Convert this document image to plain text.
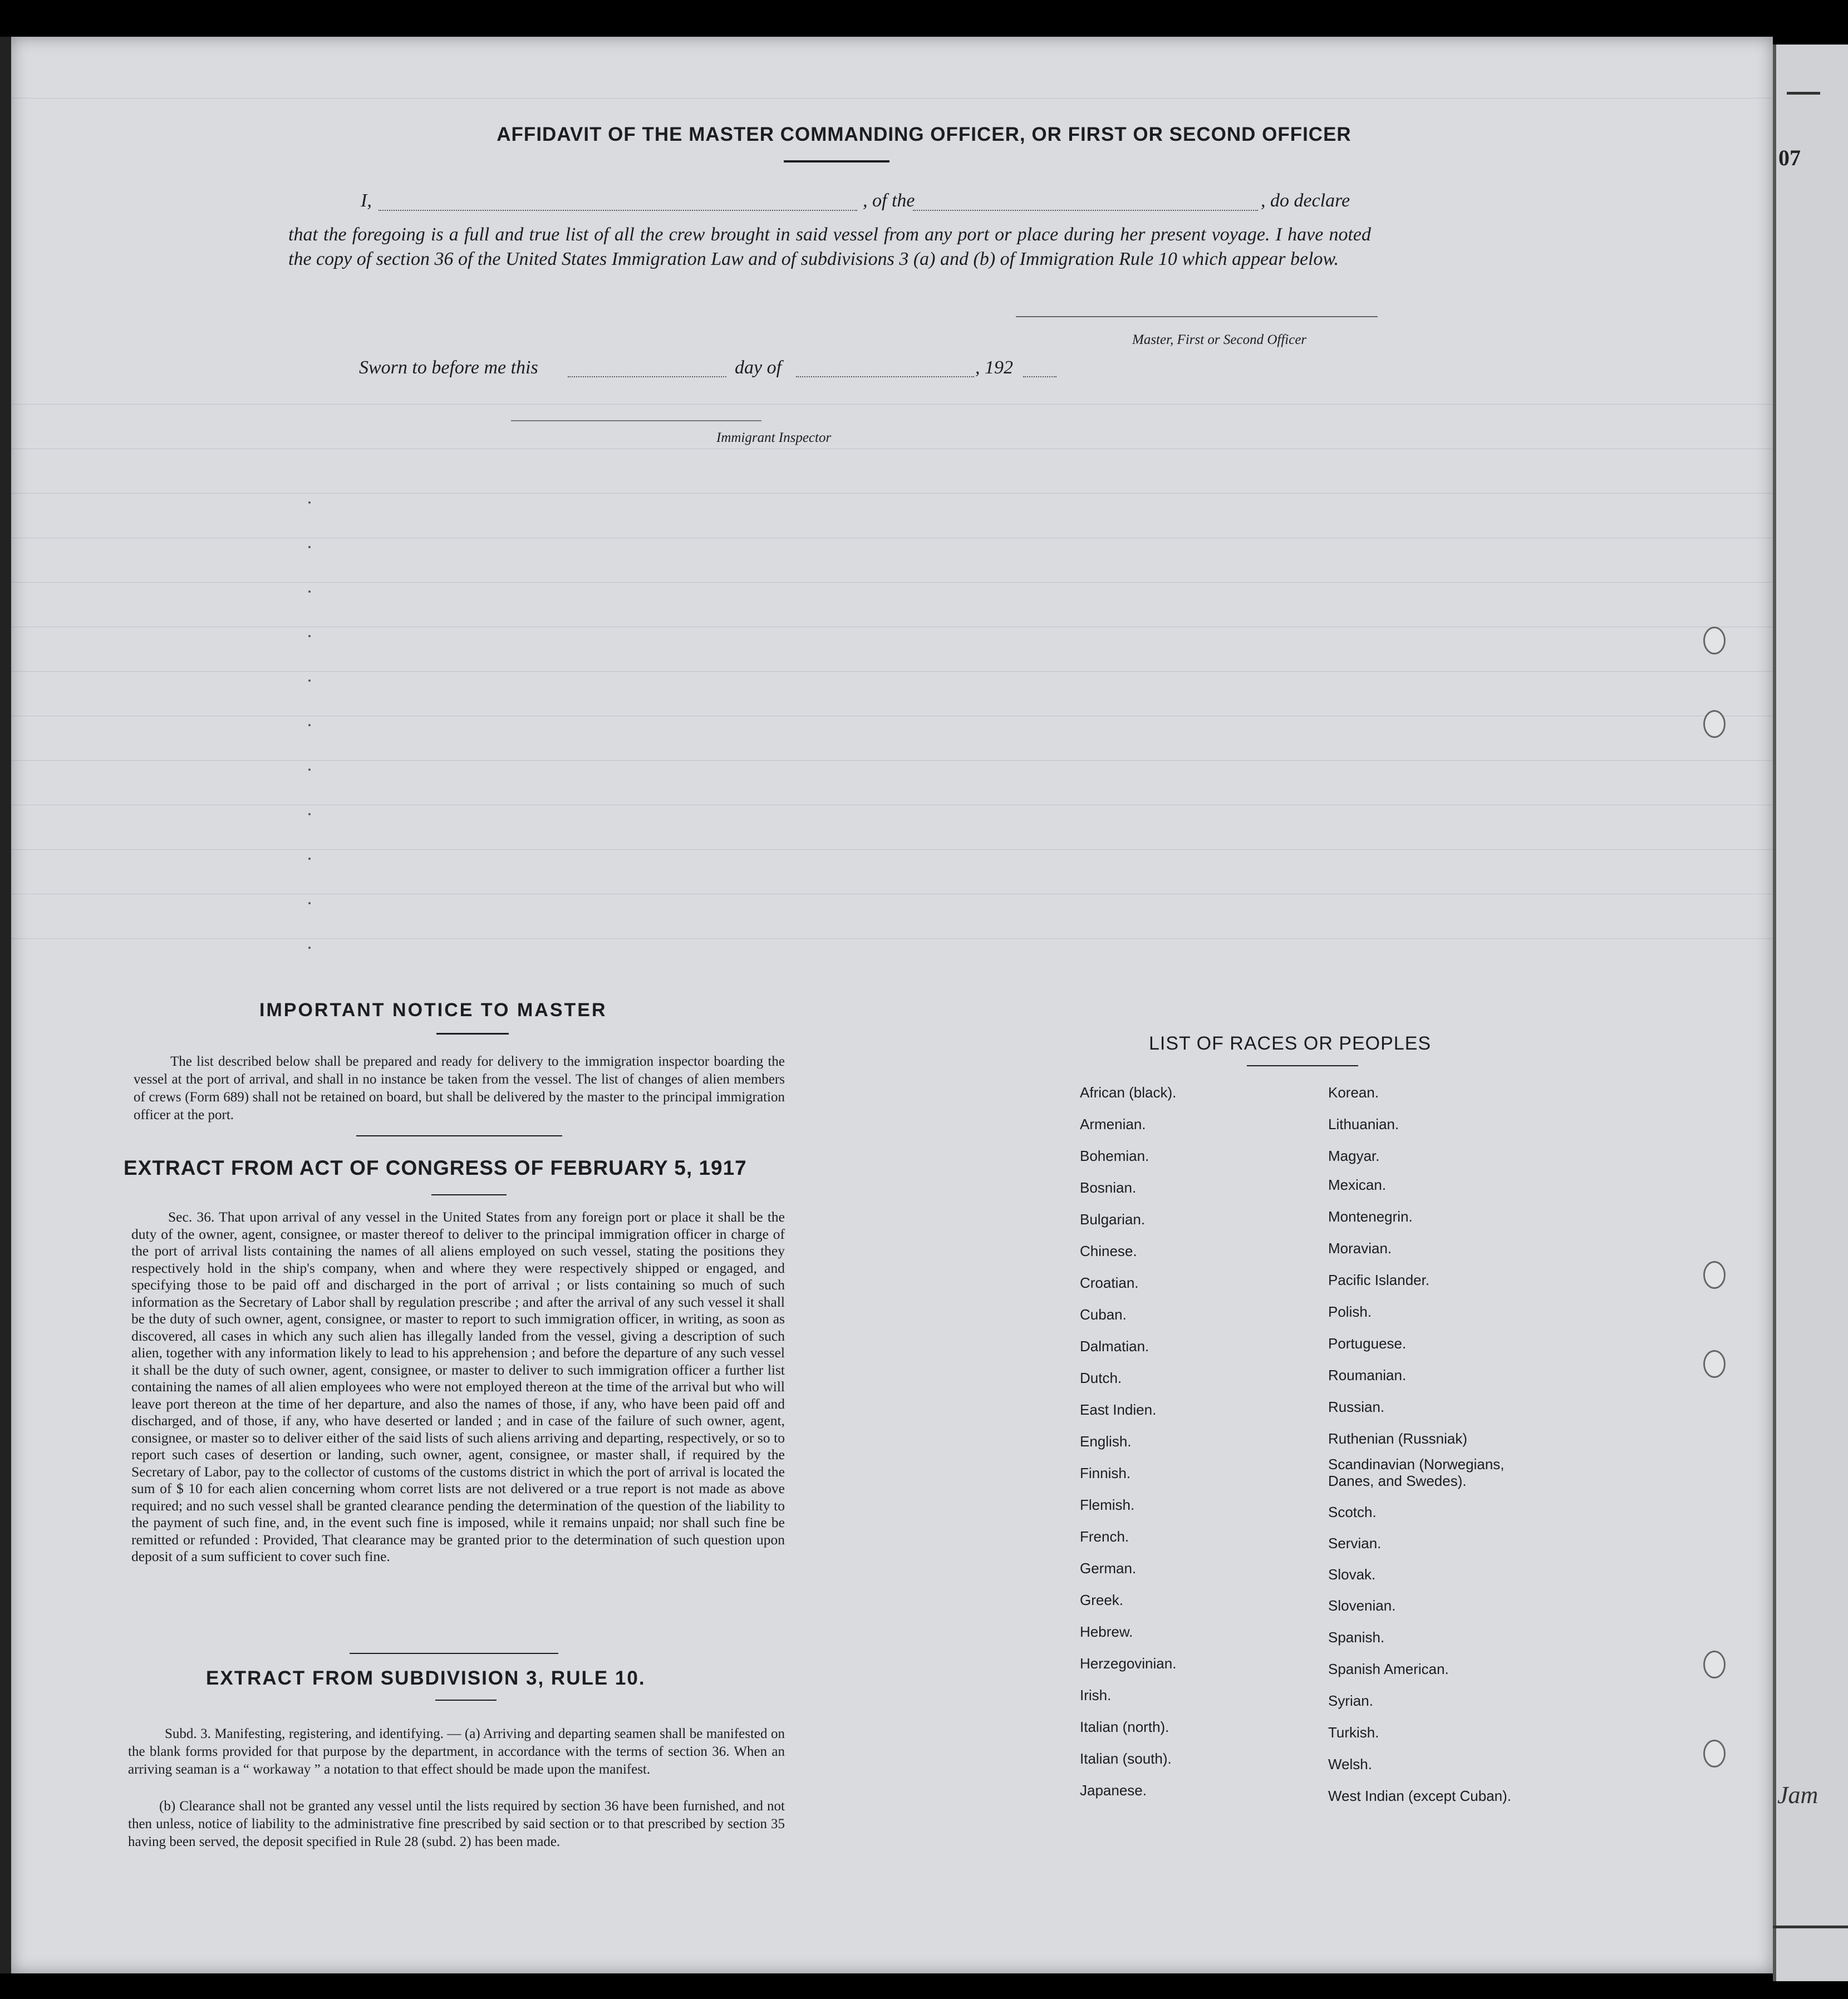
07
Jam
AFFIDAVIT OF THE MASTER COMMANDING OFFICER, OR FIRST OR SECOND OFFICER
I,	, of the	, do declare
that the foregoing is a full and true list of all the crew brought in said vessel from any port or place during her present voyage. I have noted the copy of section 36 of the United States Immigration Law and of subdivisions 3 (a) and (b) of Immigration Rule 10 which appear below.
Master, First or Second Officer
Sworn to before me this	day of	, 192
Immigrant Inspector
IMPORTANT NOTICE TO MASTER
The list described below shall be prepared and ready for delivery to the immigration inspector boarding the vessel at the port of arrival, and shall in no instance be taken from the vessel. The list of changes of alien members of crews (Form 689) shall not be retained on board, but shall be delivered by the master to the principal immigration officer at the port.
EXTRACT FROM ACT OF CONGRESS OF FEBRUARY 5, 1917
Sec. 36. That upon arrival of any vessel in the United States from any foreign port or place it shall be the duty of the owner, agent, consignee, or master thereof to deliver to the principal immigration officer in charge of the port of arrival lists containing the names of all aliens employed on such vessel, stating the positions they respectively hold in the ship's company, when and where they were respectively shipped or engaged, and specifying those to be paid off and discharged in the port of arrival ; or lists containing so much of such information as the Secretary of Labor shall by regulation prescribe ; and after the arrival of any such vessel it shall be the duty of such owner, agent, consignee, or master to report to such immigration officer, in writing, as soon as discovered, all cases in which any such alien has illegally landed from the vessel, giving a description of such alien, together with any information likely to lead to his apprehension ; and before the departure of any such vessel it shall be the duty of such owner, agent, consignee, or master to deliver to such immigration officer a further list containing the names of all alien employees who were not employed thereon at the time of the arrival but who will leave port thereon at the time of her departure, and also the names of those, if any, who have been paid off and discharged, and of those, if any, who have deserted or landed ; and in case of the failure of such owner, agent, consignee, or master so to deliver either of the said lists of such aliens arriving and departing, respectively, or so to report such cases of desertion or landing, such owner, agent, consignee, or master shall, if required by the Secretary of Labor, pay to the collector of customs of the customs district in which the port of arrival is located the sum of $ 10 for each alien concerning whom corret lists are not delivered or a true report is not made as above required; and no such vessel shall be granted clearance pending the determination of the question of the liability to the payment of such fine, and, in the event such fine is imposed, while it remains unpaid; nor shall such fine be remitted or refunded : Provided, That clearance may be granted prior to the determination of such question upon deposit of a sum sufficient to cover such fine.
EXTRACT FROM SUBDIVISION 3, RULE 10.
Subd. 3. Manifesting, registering, and identifying. — (a) Arriving and departing seamen shall be manifested on the blank forms provided for that purpose by the department, in accordance with the terms of section 36. When an arriving seaman is a “ workaway ” a notation to that effect should be made upon the manifest.
(b) Clearance shall not be granted any vessel until the lists required by section 36 have been furnished, and not then unless, notice of liability to the administrative fine prescribed by said section or to that prescribed by section 35 having been served, the deposit specified in Rule 28 (subd. 2) has been made.
LIST OF RACES OR PEOPLES
African (black).
Armenian.
Bohemian.
Bosnian.
Bulgarian.
Chinese.
Croatian.
Cuban.
Dalmatian.
Dutch.
East Indien.
English.
Finnish.
Flemish.
French.
German.
Greek.
Hebrew.
Herzegovinian.
Irish.
Italian (north).
Italian (south).
Japanese.
Korean.
Lithuanian.
Magyar.
Mexican.
Montenegrin.
Moravian.
Pacific Islander.
Polish.
Portuguese.
Roumanian.
Russian.
Ruthenian (Russniak)
Scandinavian (Norwegians, Danes, and Swedes).
Scotch.
Servian.
Slovak.
Slovenian.
Spanish.
Spanish American.
Syrian.
Turkish.
Welsh.
West Indian (except Cuban).
